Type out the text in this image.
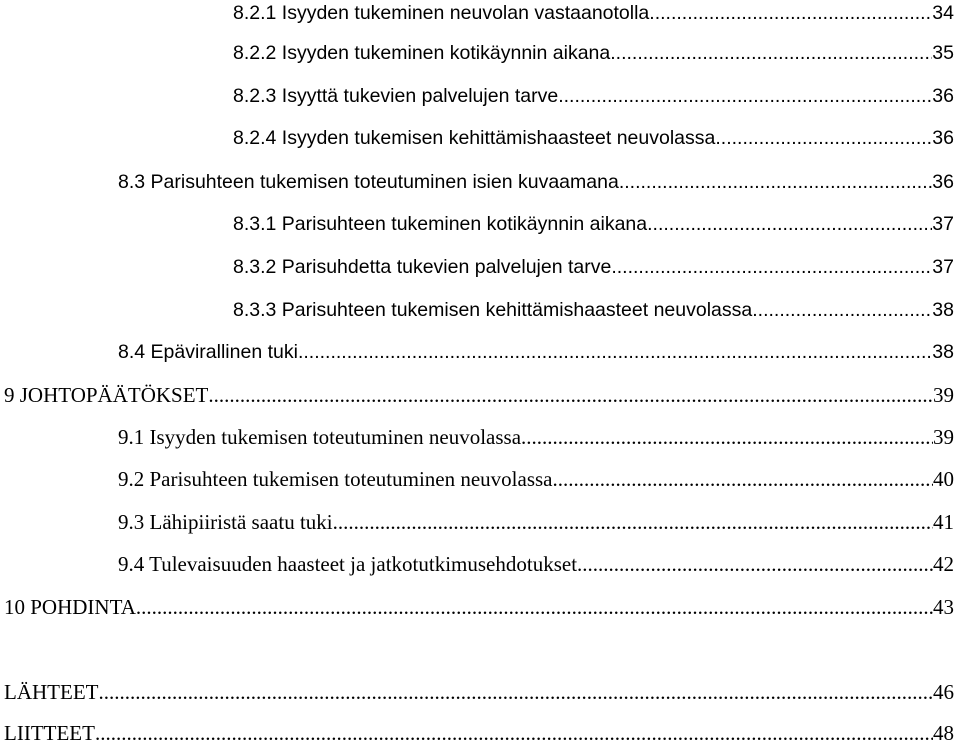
8.2.1 Isyyden tukeminen neuvolan vastaanotolla .....	34
8.2.2 Isyyden tukeminen kotikäynnin aikana .....	35
8.2.3 Isyyttä tukevien palvelujen tarve .....	36
8.2.4 Isyyden tukemisen kehittämishaasteet neuvolassa .....	36
8.3 Parisuhteen tukemisen toteutuminen isien kuvaamana .....	36
8.3.1 Parisuhteen tukeminen kotikäynnin aikana .....	37
8.3.2 Parisuhdetta tukevien palvelujen tarve .....	37
8.3.3 Parisuhteen tukemisen kehittämishaasteet neuvolassa .....	38
8.4 Epävirallinen tuki .....	38
9 JOHTOPÄÄTÖKSET .....	39
9.1 Isyyden tukemisen toteutuminen neuvolassa .....	39
9.2 Parisuhteen tukemisen toteutuminen neuvolassa .....	40
9.3 Lähipiiristä saatu tuki .....	41
9.4 Tulevaisuuden haasteet ja jatkotutkimusehdotukset .....	42
10 POHDINTA .....	43
LÄHTEET .....	46
LIITTEET .....	48
